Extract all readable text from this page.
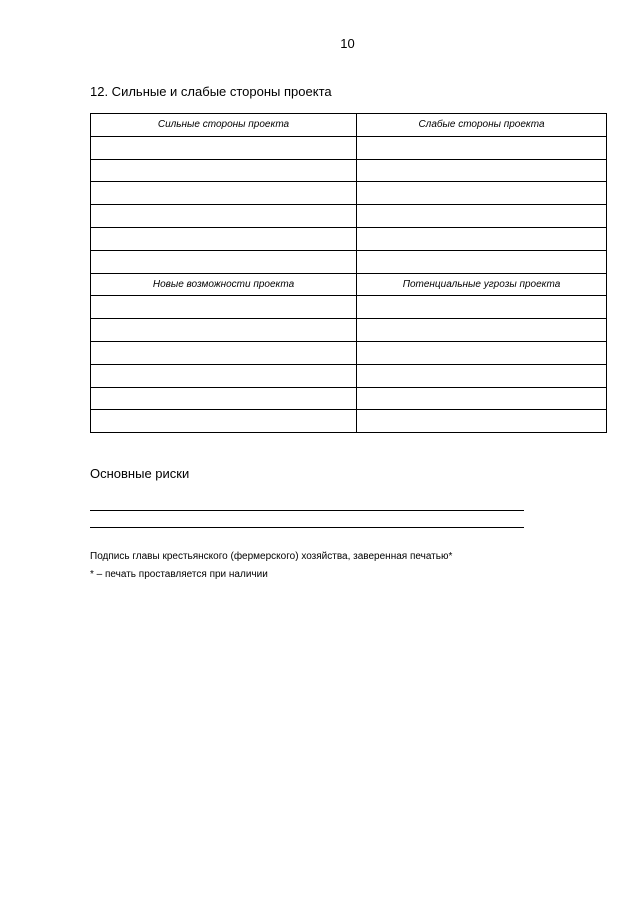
10
12. Сильные и слабые стороны проекта
Сильные стороны проекта	Слабые стороны проекта

Новые возможности проекта	Потенциальные угрозы проекта

Основные риски
Подпись главы крестьянского (фермерского) хозяйства, заверенная печатью*
* – печать проставляется при наличии
